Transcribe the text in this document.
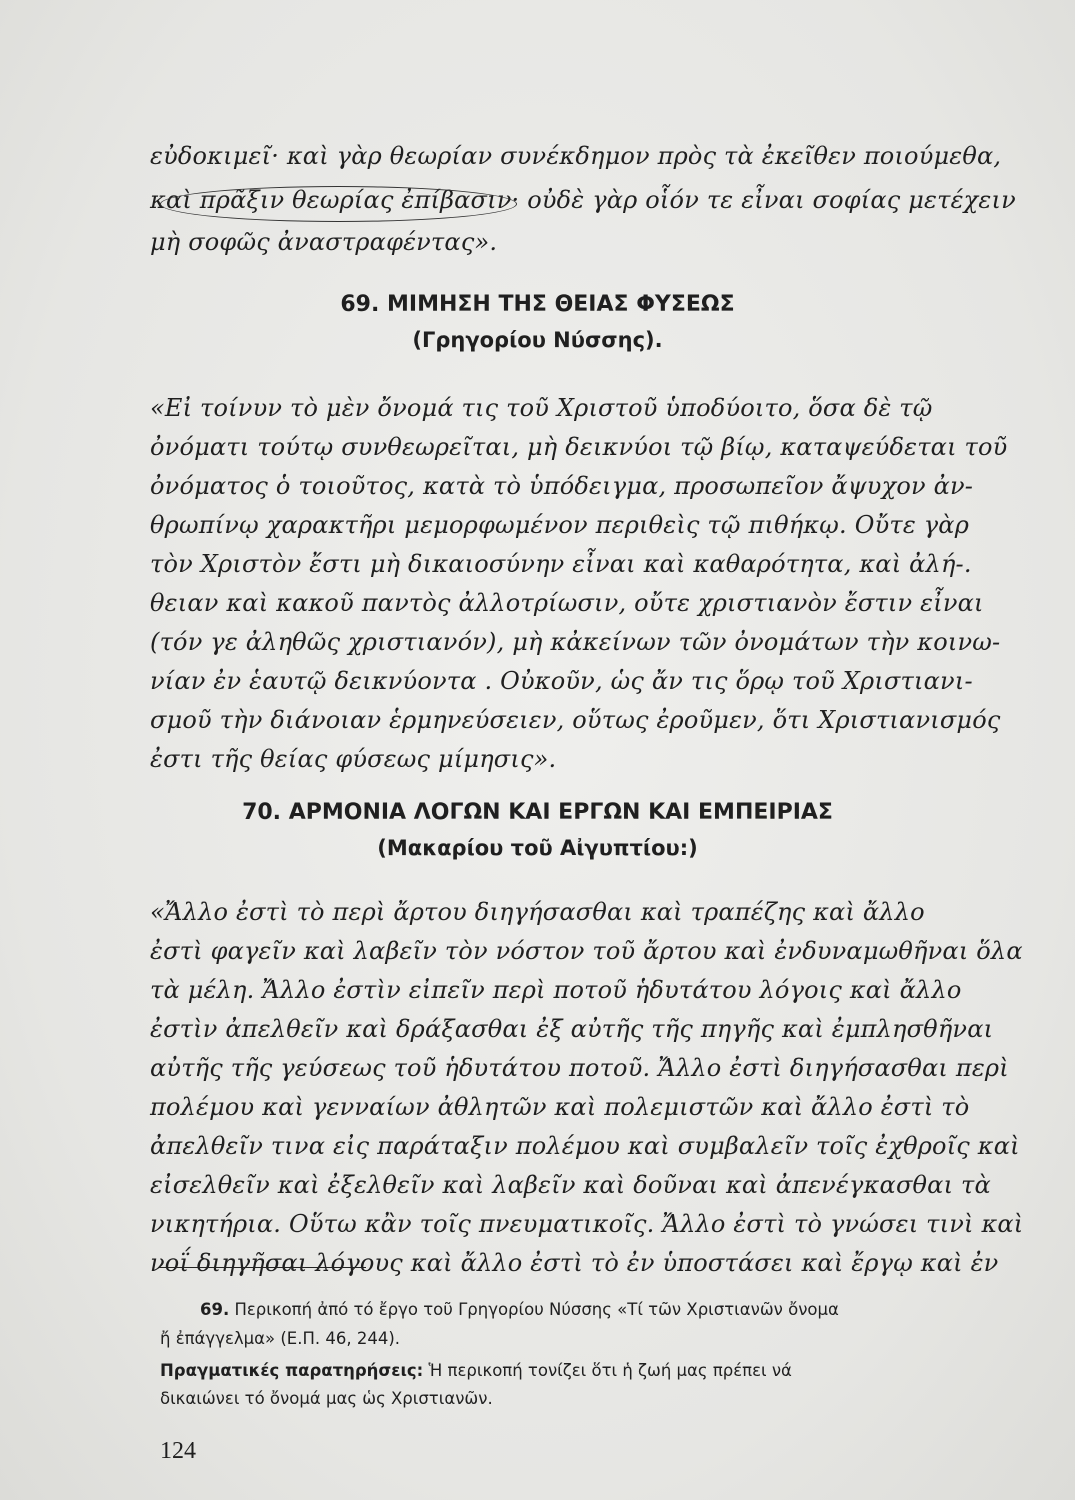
εὐδοκιμεῖ· καὶ γὰρ θεωρίαν συνέκδημον πρὸς τὰ ἐκεῖθεν ποιούμεθα,
καὶ πρᾶξιν θεωρίας ἐπίβασιν· οὐδὲ γὰρ οἷόν τε εἶναι σοφίας μετέχειν
μὴ σοφῶς ἀναστραφέντας».
69. ΜΙΜΗΣΗ ΤΗΣ ΘΕΙΑΣ ΦΥΣΕΩΣ
(Γρηγορίου Νύσσης).
«Εἰ τοίνυν τὸ μὲν ὄνομά τις τοῦ Χριστοῦ ὑποδύοιτο, ὅσα δὲ τῷ
ὀνόματι τούτῳ συνθεωρεῖται, μὴ δεικνύοι τῷ βίῳ, καταψεύδεται τοῦ
ὀνόματος ὁ τοιοῦτος, κατὰ τὸ ὑπόδειγμα, προσωπεῖον ἄψυχον ἀν-
θρωπίνῳ χαρακτῆρι μεμορφωμένον περιθεὶς τῷ πιθήκῳ. Οὔτε γὰρ
τὸν Χριστὸν ἔστι μὴ δικαιοσύνην εἶναι καὶ καθαρότητα, καὶ ἀλή-.
θειαν καὶ κακοῦ παντὸς ἀλλοτρίωσιν, οὔτε χριστιανὸν ἔστιν εἶναι
(τόν γε ἀληθῶς χριστιανόν), μὴ κἀκείνων τῶν ὀνομάτων τὴν κοινω-
νίαν ἐν ἑαυτῷ δεικνύοντα . Οὐκοῦν, ὡς ἄν τις ὅρῳ τοῦ Χριστιανι-
σμοῦ τὴν διάνοιαν ἑρμηνεύσειεν, οὕτως ἐροῦμεν, ὅτι Χριστιανισμός
ἐστι τῆς θείας φύσεως μίμησις».
70. ΑΡΜΟΝΙΑ ΛΟΓΩΝ ΚΑΙ ΕΡΓΩΝ ΚΑΙ ΕΜΠΕΙΡΙΑΣ
(Μακαρίου τοῦ Αἰγυπτίου:)
«Ἄλλο ἐστὶ τὸ περὶ ἄρτου διηγήσασθαι καὶ τραπέζης καὶ ἄλλο
ἐστὶ φαγεῖν καὶ λαβεῖν τὸν νόστον τοῦ ἄρτου καὶ ἐνδυναμωθῆναι ὅλα
τὰ μέλη. Ἄλλο ἐστὶν εἰπεῖν περὶ ποτοῦ ἡδυτάτου λόγοις καὶ ἄλλο
ἐστὶν ἀπελθεῖν καὶ δράξασθαι ἐξ αὐτῆς τῆς πηγῆς καὶ ἐμπλησθῆναι
αὐτῆς τῆς γεύσεως τοῦ ἡδυτάτου ποτοῦ. Ἄλλο ἐστὶ διηγήσασθαι περὶ
πολέμου καὶ γενναίων ἀθλητῶν καὶ πολεμιστῶν καὶ ἄλλο ἐστὶ τὸ
ἀπελθεῖν τινα εἰς παράταξιν πολέμου καὶ συμβαλεῖν τοῖς ἐχθροῖς καὶ
εἰσελθεῖν καὶ ἐξελθεῖν καὶ λαβεῖν καὶ δοῦναι καὶ ἀπενέγκασθαι τὰ
νικητήρια. Οὕτω κἂν τοῖς πνευματικοῖς. Ἄλλο ἐστὶ τὸ γνώσει τινὶ καὶ
νοΐ διηγῆσαι λόγους καὶ ἄλλο ἐστὶ τὸ ἐν ὑποστάσει καὶ ἔργῳ καὶ ἐν
69. Περικοπή ἀπό τό ἔργο τοῦ Γρηγορίου Νύσσης «Τί τῶν Χριστιανῶν ὄνομα
ἤ ἐπάγγελμα» (Ε.Π. 46, 244).
Πραγματικές παρατηρήσεις: Ἡ περικοπή τονίζει ὅτι ἡ ζωή μας πρέπει νά
δικαιώνει τό ὄνομά μας ὡς Χριστιανῶν.
124
